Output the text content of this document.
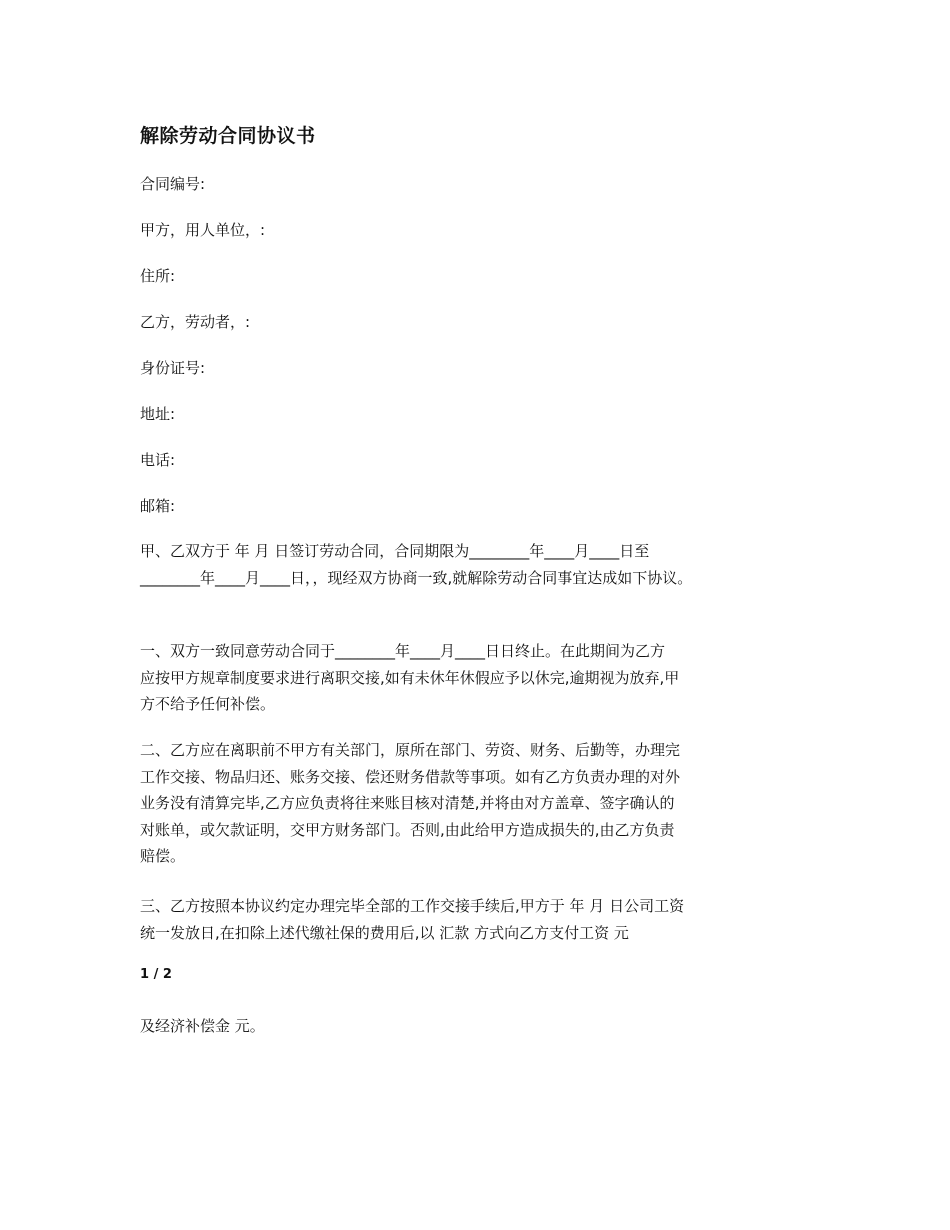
解除劳动合同协议书
合同编号:
甲方，用人单位，:
住所:
乙方，劳动者，:
身份证号:
地址:
电话:
邮箱:
甲、乙双方于 年 月 日签订劳动合同，合同期限为________年____月____日至
________年____月____日，，现经双方协商一致,就解除劳动合同事宜达成如下协议。
一、双方一致同意劳动合同于________年____月____日日终止。在此期间为乙方
应按甲方规章制度要求进行离职交接,如有未休年休假应予以休完,逾期视为放弃,甲
方不给予任何补偿。
二、乙方应在离职前不甲方有关部门，原所在部门、劳资、财务、后勤等，办理完
工作交接、物品归还、账务交接、偿还财务借款等事项。如有乙方负责办理的对外
业务没有清算完毕,乙方应负责将往来账目核对清楚,并将由对方盖章、签字确认的
对账单，或欠款证明，交甲方财务部门。否则,由此给甲方造成损失的,由乙方负责
赔偿。
三、乙方按照本协议约定办理完毕全部的工作交接手续后,甲方于 年 月 日公司工资
统一发放日,在扣除上述代缴社保的费用后,以 汇款 方式向乙方支付工资 元
1 / 2
及经济补偿金 元。
